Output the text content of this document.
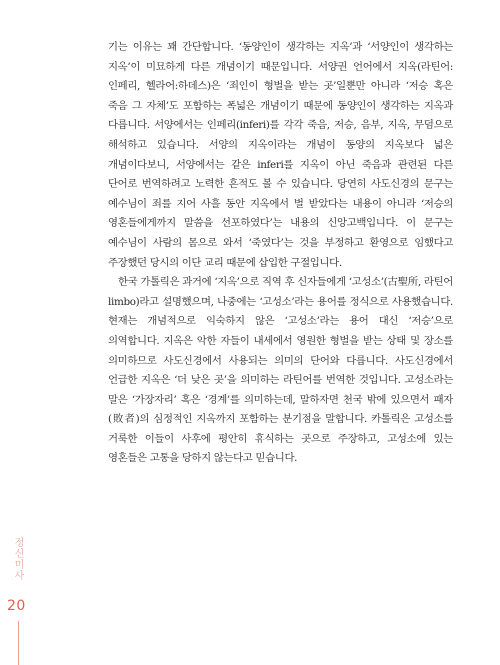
기는 이유는 꽤 간단합니다. ‘동양인이 생각하는 지옥’과 ‘서양인이 생각하는 지옥’이 미묘하게 다른 개념이기 때문입니다. 서양권 언어에서 지옥(라틴어:인페리, 헬라어:하데스)은 ‘죄인이 형벌을 받는 곳’일뿐만 아니라 ‘저승 혹은 죽음 그 자체’도 포함하는 폭넓은 개념이기 때문에 동양인이 생각하는 지옥과 다릅니다. 서양에서는 인페리(inferi)를 각각 죽음, 저승, 음부, 지옥, 무덤으로 해석하고 있습니다. 서양의 지옥이라는 개념이 동양의 지옥보다 넓은 개념이다보니, 서양에서는 같은 inferi를 지옥이 아닌 죽음과 관련된 다른 단어로 번역하려고 노력한 흔적도 볼 수 있습니다. 당연히 사도신경의 문구는 예수님이 죄를 지어 사흘 동안 지옥에서 벌 받았다는 내용이 아니라 ‘저승의 영혼들에게까지 말씀을 선포하였다’는 내용의 신앙고백입니다. 이 문구는 예수님이 사람의 몸으로 와서 ‘죽였다’는 것을 부정하고 환영으로 임했다고 주장했던 당시의 이단 교리 때문에 삽입한 구절입니다.

한국 가톨릭은 과거에 ‘지옥’으로 직역 후 신자들에게 ‘고성소’(古聖所, 라틴어 limbo)라고 설명했으며, 나중에는 ‘고성소’라는 용어를 정식으로 사용했습니다. 현재는 개념적으로 익숙하지 않은 ‘고성소’라는 용어 대신 ‘저승’으로 의역합니다. 지옥은 악한 자들이 내세에서 영원한 형벌을 받는 상태 및 장소를 의미하므로 사도신경에서 사용되는 의미의 단어와 다릅니다. 사도신경에서 언급한 지옥은 ‘더 낮은 곳’을 의미하는 라틴어를 번역한 것입니다. 고성소라는 말은 ‘가장자리’ 혹은 ‘경계’를 의미하는데, 말하자면 천국 밖에 있으면서 패자(敗者)의 심정적인 지옥까지 포함하는 분기점을 말합니다. 카톨릭은 고성소를 거룩한 이들이 사후에 평안히 휴식하는 곳으로 주장하고, 고성소에 있는 영혼들은 고통을 당하지 않는다고 믿습니다.

정신미사
20
